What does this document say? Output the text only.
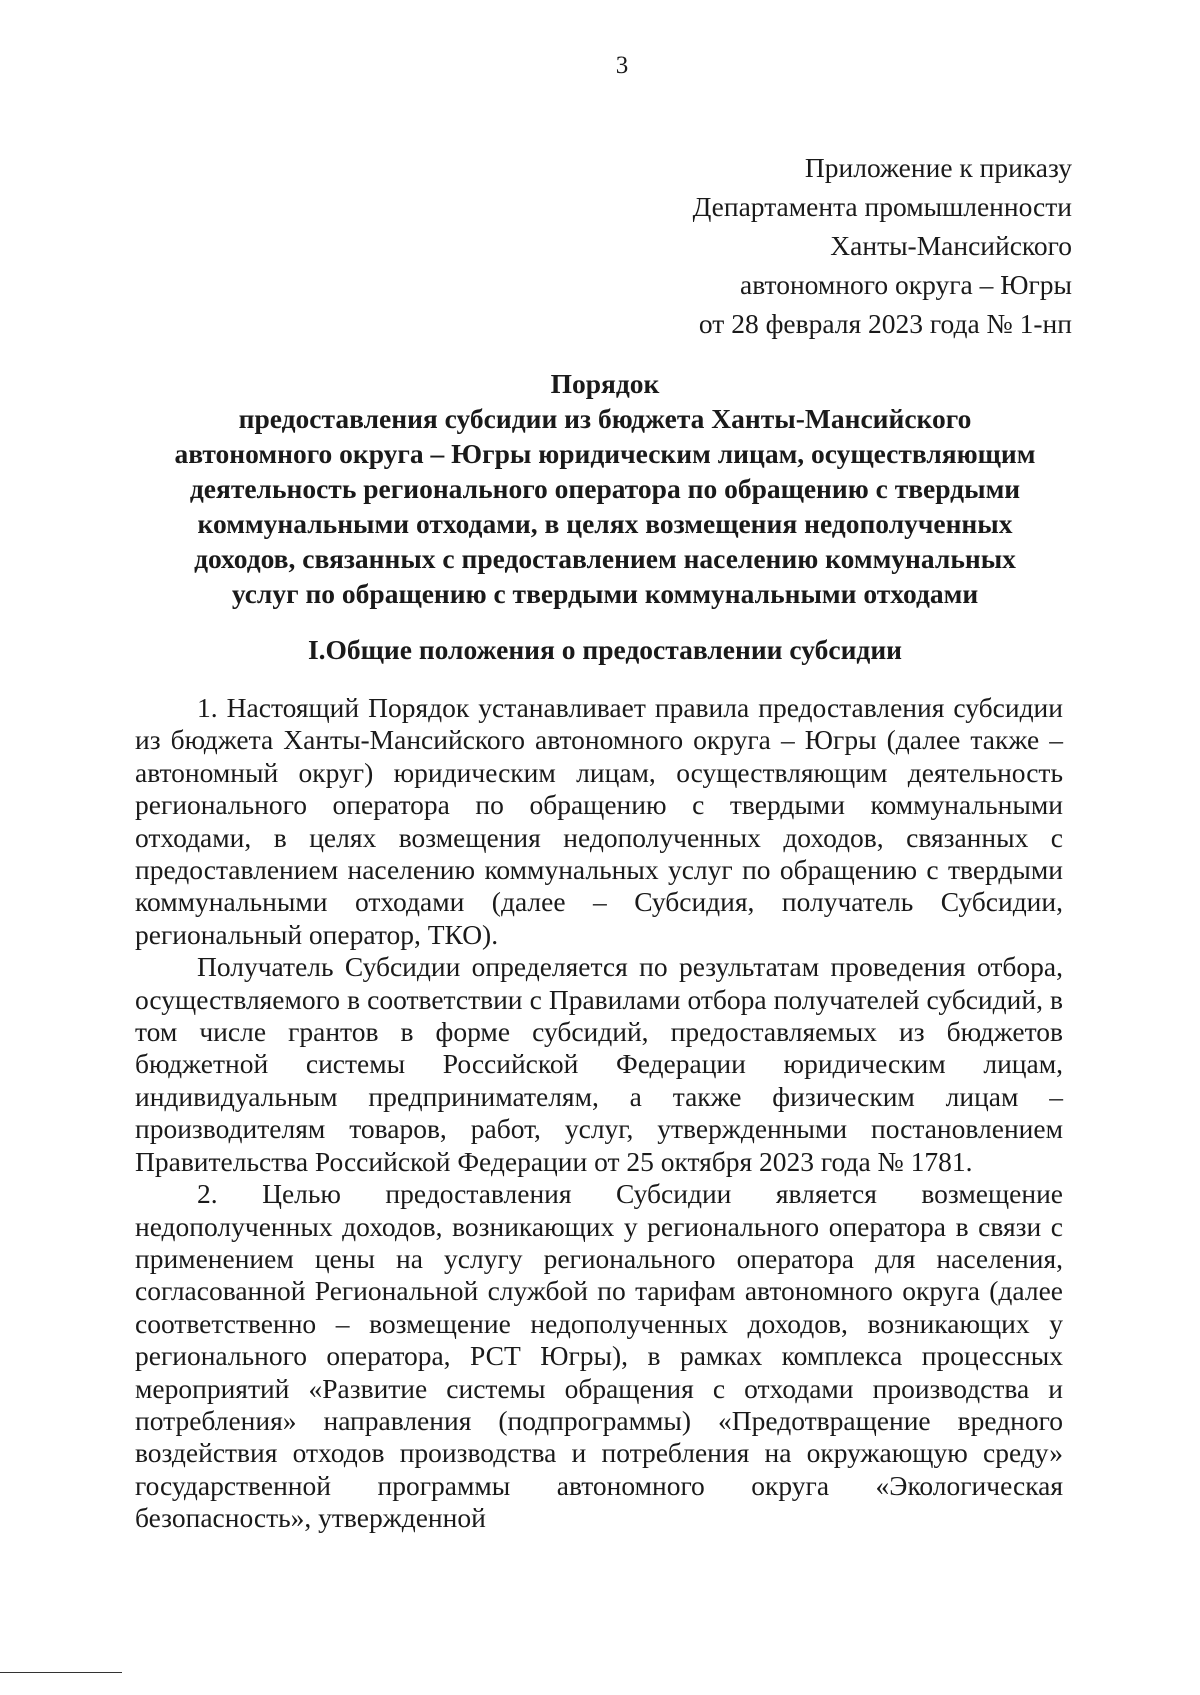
3
Приложение к приказу
Департамента промышленности
Ханты-Мансийского
автономного округа – Югры
от 28 февраля 2023 года № 1-нп
Порядок
предоставления субсидии из бюджета Ханты-Мансийского
автономного округа – Югры юридическим лицам, осуществляющим
деятельность регионального оператора по обращению с твердыми
коммунальными отходами, в целях возмещения недополученных
доходов, связанных с предоставлением населению коммунальных
услуг по обращению с твердыми коммунальными отходами
I.Общие положения о предоставлении субсидии

1. Настоящий Порядок устанавливает правила предоставления субсидии из бюджета Ханты-Мансийского автономного округа – Югры (далее также – автономный округ) юридическим лицам, осуществляющим деятельность регионального оператора по обращению с твердыми коммунальными отходами, в целях возмещения недополученных доходов, связанных с предоставлением населению коммунальных услуг по обращению с твердыми коммунальными отходами (далее – Субсидия, получатель Субсидии, региональный оператор, ТКО).

Получатель Субсидии определяется по результатам проведения отбора, осуществляемого в соответствии с Правилами отбора получателей субсидий, в том числе грантов в форме субсидий, предоставляемых из бюджетов бюджетной системы Российской Федерации юридическим лицам, индивидуальным предпринимателям, а также физическим лицам – производителям товаров, работ, услуг, утвержденными постановлением Правительства Российской Федерации от 25 октября 2023 года № 1781.

2. Целью предоставления Субсидии является возмещение недополученных доходов, возникающих у регионального оператора в связи с применением цены на услугу регионального оператора для населения, согласованной Региональной службой по тарифам автономного округа (далее соответственно – возмещение недополученных доходов, возникающих у регионального оператора, РСТ Югры), в рамках комплекса процессных мероприятий «Развитие системы обращения с отходами производства и потребления» направления (подпрограммы) «Предотвращение вредного воздействия отходов производства и потребления на окружающую среду» государственной программы автономного округа «Экологическая безопасность», утвержденной
